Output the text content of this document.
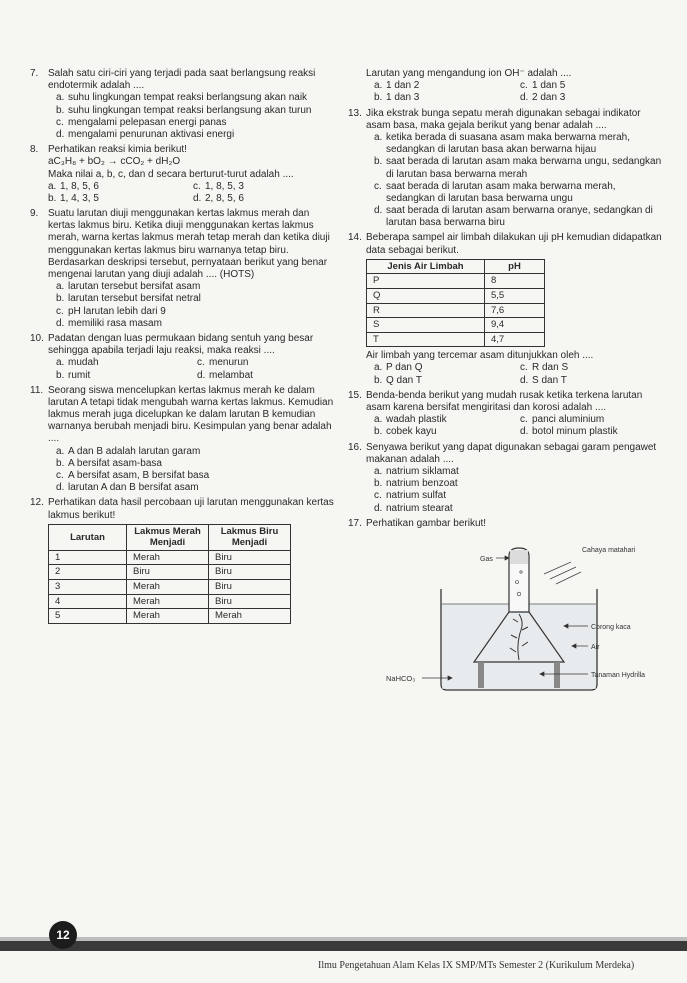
7. Salah satu ciri-ciri yang terjadi pada saat berlangsung reaksi endotermik adalah ....
a. suhu lingkungan tempat reaksi berlangsung akan naik
b. suhu lingkungan tempat reaksi berlangsung akan turun
c. mengalami pelepasan energi panas
d. mengalami penurunan aktivasi energi
8. Perhatikan reaksi kimia berikut!
aC₃H₈ + bO₂ → cCO₂ + dH₂O
Maka nilai a, b, c, dan d secara berturut-turut adalah ....
a. 1, 8, 5, 6	c. 1, 8, 5, 3
b. 1, 4, 3, 5	d. 2, 8, 5, 6
9. Suatu larutan diuji menggunakan kertas lakmus merah dan kertas lakmus biru. Ketika diuji menggunakan kertas lakmus merah, warna kertas lakmus merah tetap merah dan ketika diuji menggunakan kertas lakmus biru warnanya tetap biru. Berdasarkan deskripsi tersebut, pernyataan berikut yang benar mengenai larutan yang diuji adalah .... (HOTS)
a. larutan tersebut bersifat asam
b. larutan tersebut bersifat netral
c. pH larutan lebih dari 9
d. memiliki rasa masam
10. Padatan dengan luas permukaan bidang sentuh yang besar sehingga apabila terjadi laju reaksi, maka reaksi ....
a. mudah	c. menurun
b. rumit	d. melambat
11. Seorang siswa mencelupkan kertas lakmus merah ke dalam larutan A tetapi tidak mengubah warna kertas lakmus. Kemudian lakmus merah juga dicelupkan ke dalam larutan B kemudian warnanya berubah menjadi biru. Kesimpulan yang benar adalah ....
a. A dan B adalah larutan garam
b. A bersifat asam-basa
c. A bersifat asam, B bersifat basa
d. larutan A dan B bersifat asam
12. Perhatikan data hasil percobaan uji larutan menggunakan kertas lakmus berikut!
Larutan	Lakmus Merah Menjadi	Lakmus Biru Menjadi
1	Merah	Biru
2	Biru	Biru
3	Merah	Biru
4	Merah	Biru
5	Merah	Merah
Larutan yang mengandung ion OH⁻ adalah ....
a. 1 dan 2	c. 1 dan 5
b. 1 dan 3	d. 2 dan 3
13. Jika ekstrak bunga sepatu merah digunakan sebagai indikator asam basa, maka gejala berikut yang benar adalah ....
a. ketika berada di suasana asam maka berwarna merah, sedangkan di larutan basa akan berwarna hijau
b. saat berada di larutan asam maka berwarna ungu, sedangkan di larutan basa berwarna merah
c. saat berada di larutan asam maka berwarna merah, sedangkan di larutan basa berwarna ungu
d. saat berada di larutan asam berwarna oranye, sedangkan di larutan basa berwarna biru
14. Beberapa sampel air limbah dilakukan uji pH kemudian didapatkan data sebagai berikut.
Jenis Air Limbah	pH
P	8
Q	5,5
R	7,6
S	9,4
T	4,7
Air limbah yang tercemar asam ditunjukkan oleh ....
a. P dan Q	c. R dan S
b. Q dan T	d. S dan T
15. Benda-benda berikut yang mudah rusak ketika terkena larutan asam karena bersifat mengiritasi dan korosi adalah ....
a. wadah plastik	c. panci aluminium
b. cobek kayu	d. botol minum plastik
16. Senyawa berikut yang dapat digunakan sebagai garam pengawet makanan adalah ....
a. natrium siklamat
b. natrium benzoat
c. natrium sulfat
d. natrium stearat
17. Perhatikan gambar berikut!
Cahaya matahari
Gas
Corong kaca
Air
NaHCO₃	Tanaman Hydrilla
12
Ilmu Pengetahuan Alam Kelas IX SMP/MTs Semester 2 (Kurikulum Merdeka)
